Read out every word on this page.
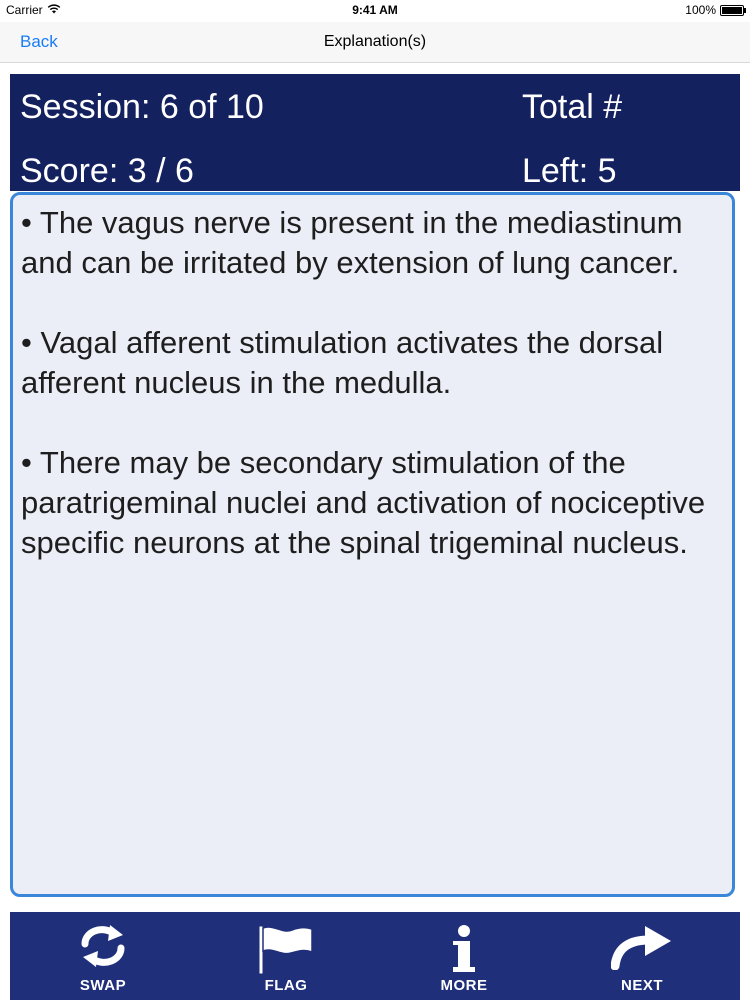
Carrier	9:41 AM	100%
Back	Explanation(s)
Session: 6 of 10	Total #
Score: 3 / 6	Left: 5

• The vagus nerve is present in the mediastinum and can be irritated by extension of lung cancer.

• Vagal afferent stimulation activates the dorsal afferent nucleus in the medulla.

• There may be secondary stimulation of the paratrigeminal nuclei and activation of nociceptive specific neurons at the spinal trigeminal nucleus.

SWAP	FLAG	MORE	NEXT
